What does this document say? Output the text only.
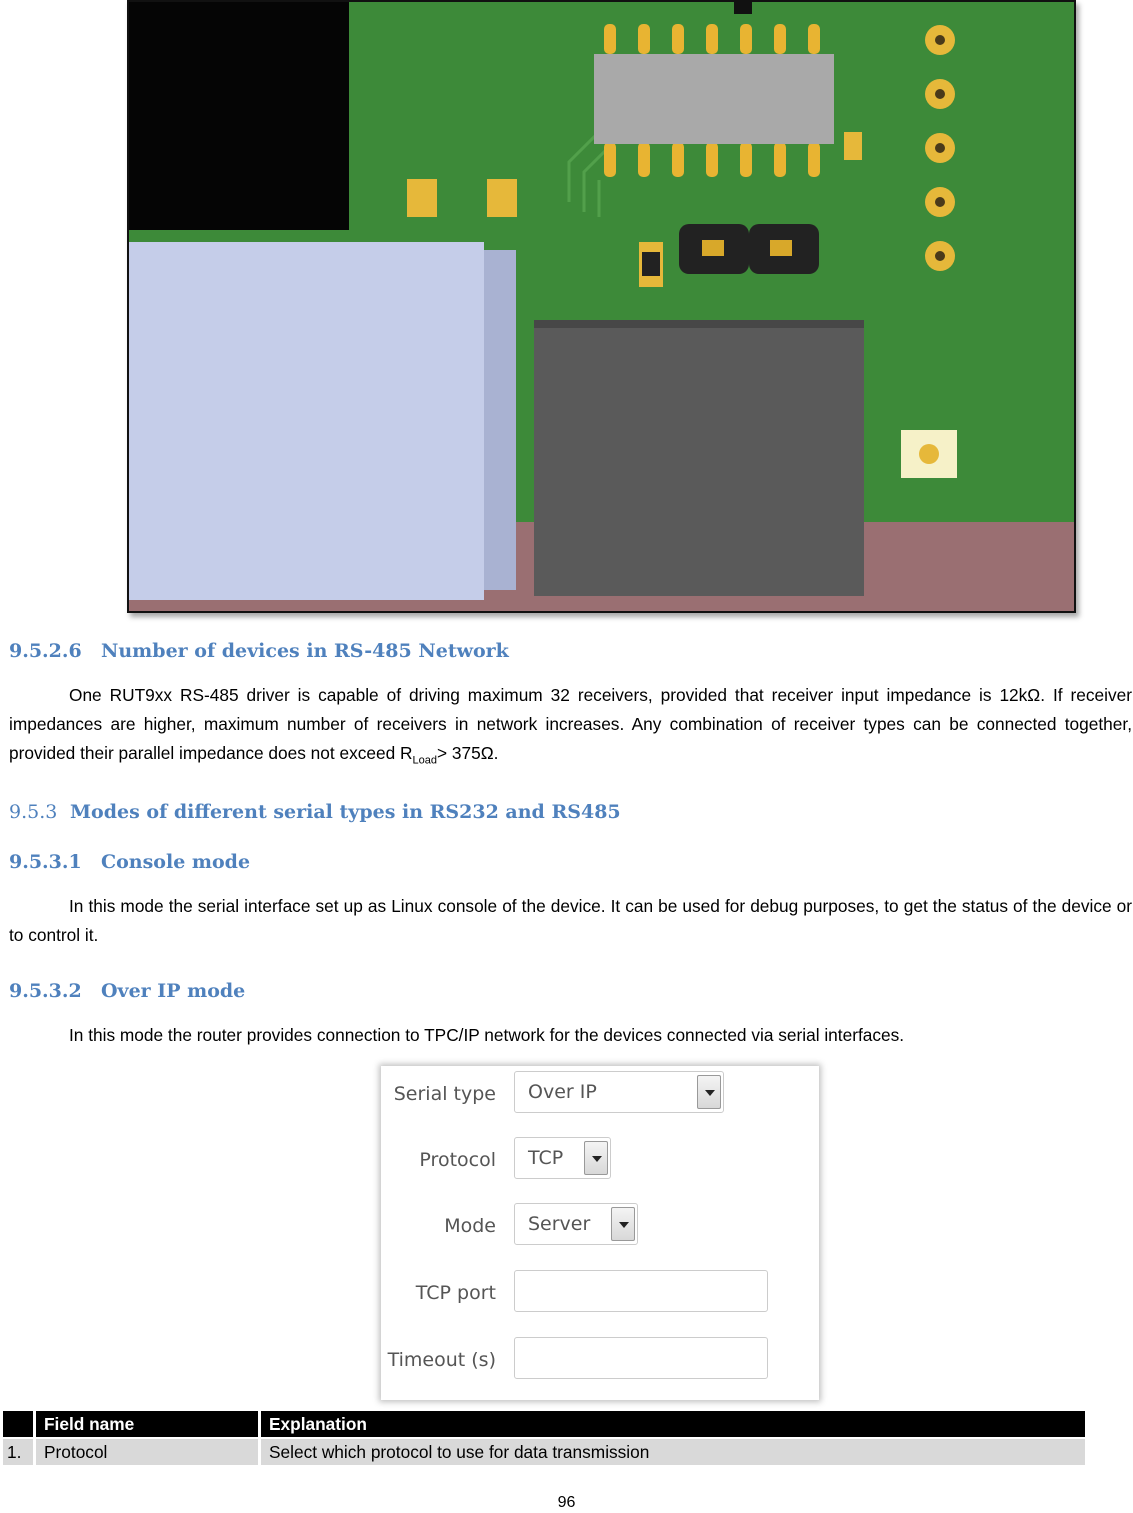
9.5.2.6 Number of devices in RS-485 Network
One RUT9xx RS-485 driver is capable of driving maximum 32 receivers, provided that receiver input impedance is 12kΩ. If receiver impedances are higher, maximum number of receivers in network increases. Any combination of receiver types can be connected together, provided their parallel impedance does not exceed $R_{Load}> 375\Omega$.
9.5.3 Modes of different serial types in RS232 and RS485
9.5.3.1 Console mode
In this mode the serial interface set up as Linux console of the device. It can be used for debug purposes, to get the status of the device or to control it.
9.5.3.2 Over IP mode
In this mode the router provides connection to TPC/IP network for the devices connected via serial interfaces.
Serial type Over IP
Protocol TCP
Mode Server
TCP port
Timeout (s)
	Field name	Explanation
1.	Protocol	Select which protocol to use for data transmission
96
